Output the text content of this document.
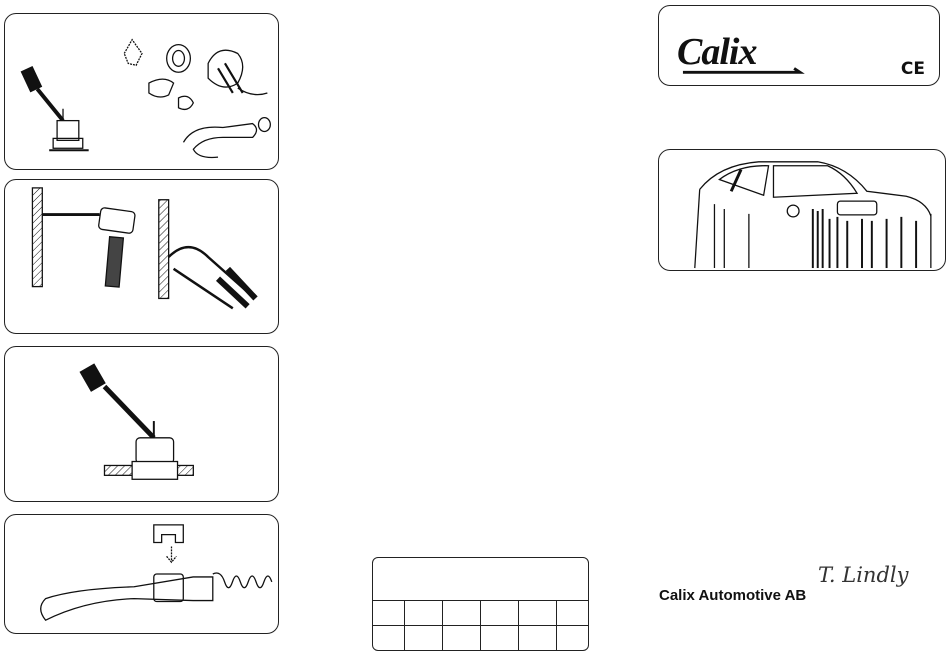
Calix	CE
Calix Automotive AB
T. Lindly
